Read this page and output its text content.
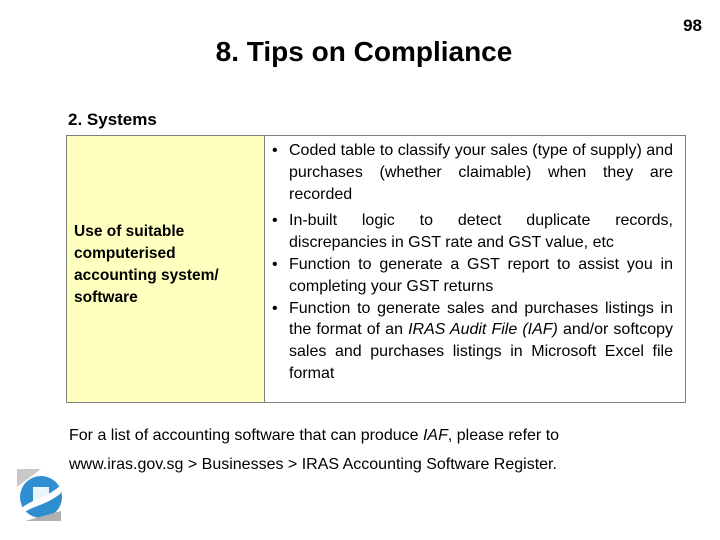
98
8. Tips on Compliance
2. Systems
Use of suitable computerised accounting system/ software

• Coded table to classify your sales (type of supply) and purchases (whether claimable) when they are recorded
• In-built logic to detect duplicate records, discrepancies in GST rate and GST value, etc
• Function to generate a GST report to assist you in completing your GST returns
• Function to generate sales and purchases listings in the format of an IRAS Audit File (IAF) and/or softcopy sales and purchases listings in Microsoft Excel file format
For a list of accounting software that can produce IAF, please refer to
www.iras.gov.sg > Businesses > IRAS Accounting Software Register.
